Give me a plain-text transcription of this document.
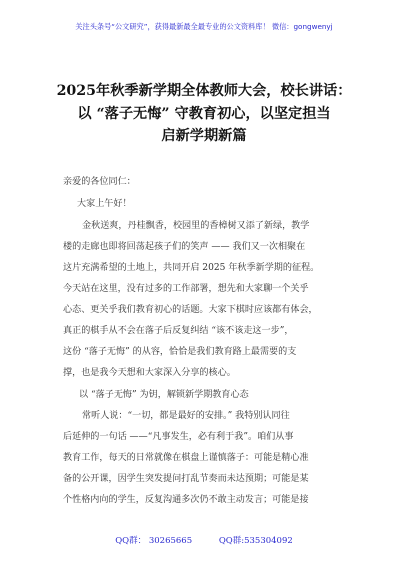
关注头条号“公文研究”，获得最新最全最专业的公文资料库！ 微信：gongwenyj
2025年秋季新学期全体教师大会，校长讲话：
以 “落子无悔” 守教育初心，以坚定担当
启新学期新篇
亲爱的各位同仁：
大家上午好！
金秋送爽，丹桂飘香，校园里的香樟树又添了新绿，教学
楼的走廊也即将回荡起孩子们的笑声 —— 我们又一次相聚在
这片充满希望的土地上，共同开启 2025 年秋季新学期的征程。
今天站在这里，没有过多的工作部署，想先和大家聊一个关乎
心态、更关乎我们教育初心的话题。大家下棋时应该都有体会，
真正的棋手从不会在落子后反复纠结 “该不该走这一步”，
这份 “落子无悔” 的从容，恰恰是我们教育路上最需要的支
撑，也是我今天想和大家深入分享的核心。
以 “落子无悔” 为钥，解锁新学期教育心态
常听人说：“一切，都是最好的安排。” 我特别认同往
后延伸的一句话 ——“凡事发生，必有利于我”。咱们从事
教育工作，每天的日常就像在棋盘上谨慎落子：可能是精心准
备的公开课，因学生突发提问打乱节奏而未达预期；可能是某
个性格内向的学生，反复沟通多次仍不敢主动发言；可能是接
QQ群： 30265665	QQ群:535304092
